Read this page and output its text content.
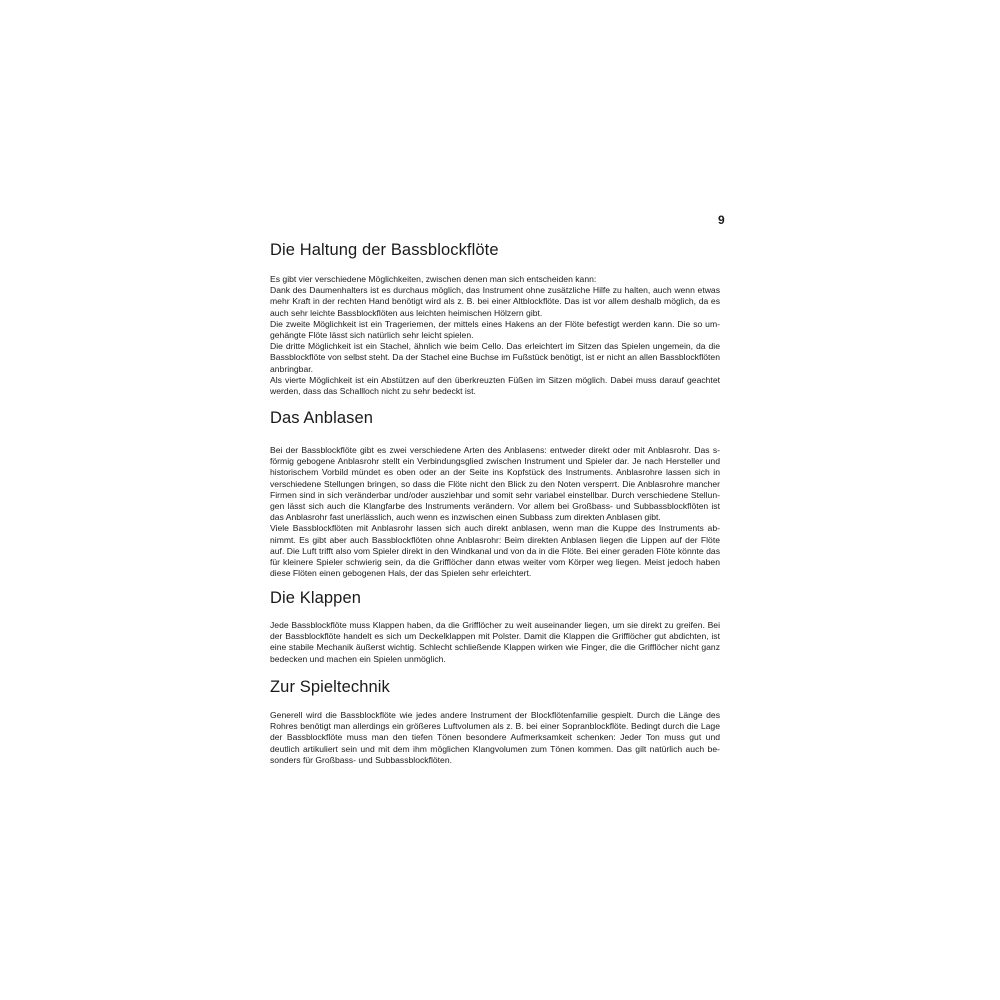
9
Die Haltung der Bassblockflöte

Es gibt vier verschiedene Möglichkeiten, zwischen denen man sich entscheiden kann:
Dank des Daumenhalters ist es durchaus möglich, das Instrument ohne zusätzliche Hilfe zu halten, auch wenn etwas mehr Kraft in der rechten Hand benötigt wird als z. B. bei einer Altblockflöte. Das ist vor allem deshalb möglich, da es auch sehr leichte Bassblockflöten aus leichten heimischen Hölzern gibt.
Die zweite Möglichkeit ist ein Trageriemen, der mittels eines Hakens an der Flöte befestigt werden kann. Die so umgehängte Flöte lässt sich natürlich sehr leicht spielen.
Die dritte Möglichkeit ist ein Stachel, ähnlich wie beim Cello. Das erleichtert im Sitzen das Spielen ungemein, da die Bassblockflöte von selbst steht. Da der Stachel eine Buchse im Fußstück benötigt, ist er nicht an allen Bassblockflöten anbringbar.
Als vierte Möglichkeit ist ein Abstützen auf den überkreuzten Füßen im Sitzen möglich. Dabei muss darauf geachtet werden, dass das Schallloch nicht zu sehr bedeckt ist.

Das Anblasen

Bei der Bassblockflöte gibt es zwei verschiedene Arten des Anblasens: entweder direkt oder mit Anblasrohr. Das s-förmig gebogene Anblasrohr stellt ein Verbindungsglied zwischen Instrument und Spieler dar. Je nach Hersteller und historischem Vorbild mündet es oben oder an der Seite ins Kopfstück des Instruments. Anblasrohre lassen sich in verschiedene Stellungen bringen, so dass die Flöte nicht den Blick zu den Noten versperrt. Die Anblasrohre mancher Firmen sind in sich veränderbar und/oder ausziehbar und somit sehr variabel einstellbar. Durch verschiedene Stellungen lässt sich auch die Klangfarbe des Instruments verändern. Vor allem bei Großbass- und Subbassblockflöten ist das Anblasrohr fast unerlässlich, auch wenn es inzwischen einen Subbass zum direkten Anblasen gibt.
Viele Bassblockflöten mit Anblasrohr lassen sich auch direkt anblasen, wenn man die Kuppe des Instruments abnimmt. Es gibt aber auch Bassblockflöten ohne Anblasrohr: Beim direkten Anblasen liegen die Lippen auf der Flöte auf. Die Luft trifft also vom Spieler direkt in den Windkanal und von da in die Flöte. Bei einer geraden Flöte könnte das für kleinere Spieler schwierig sein, da die Grifflöcher dann etwas weiter vom Körper weg liegen. Meist jedoch haben diese Flöten einen gebogenen Hals, der das Spielen sehr erleichtert.

Die Klappen

Jede Bassblockflöte muss Klappen haben, da die Grifflöcher zu weit auseinander liegen, um sie direkt zu greifen. Bei der Bassblockflöte handelt es sich um Deckelklappen mit Polster. Damit die Klappen die Grifflöcher gut abdichten, ist eine stabile Mechanik äußerst wichtig. Schlecht schließende Klappen wirken wie Finger, die die Grifflöcher nicht ganz bedecken und machen ein Spielen unmöglich.

Zur Spieltechnik

Generell wird die Bassblockflöte wie jedes andere Instrument der Blockflötenfamilie gespielt. Durch die Länge des Rohres benötigt man allerdings ein größeres Luftvolumen als z. B. bei einer Sopranblockflöte. Bedingt durch die Lage der Bassblockflöte muss man den tiefen Tönen besondere Aufmerksamkeit schenken: Jeder Ton muss gut und deutlich artikuliert sein und mit dem ihm möglichen Klangvolumen zum Tönen kommen. Das gilt natürlich auch besonders für Großbass- und Subbassblockflöten.
